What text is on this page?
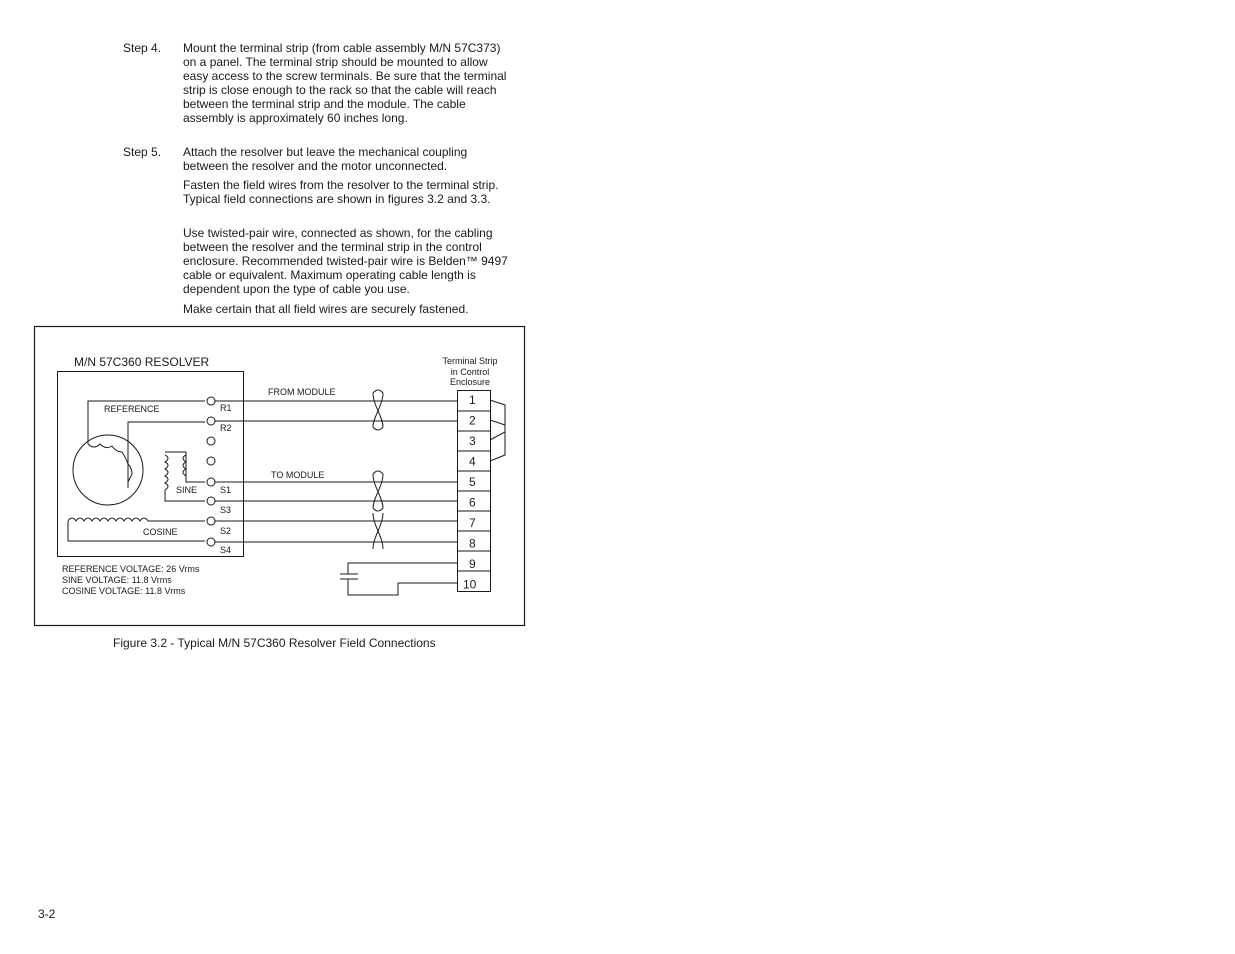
Step 4. Mount the terminal strip (from cable assembly M/N 57C373) on a panel. The terminal strip should be mounted to allow easy access to the screw terminals. Be sure that the terminal strip is close enough to the rack so that the cable will reach between the terminal strip and the module. The cable assembly is approximately 60 inches long.

Step 5. Attach the resolver but leave the mechanical coupling between the resolver and the motor unconnected.

Fasten the field wires from the resolver to the terminal strip. Typical field connections are shown in figures 3.2 and 3.3.

Use twisted-pair wire, connected as shown, for the cabling between the resolver and the terminal strip in the control enclosure. Recommended twisted-pair wire is Belden™ 9497 cable or equivalent. Maximum operating cable length is dependent upon the type of cable you use.

Make certain that all field wires are securely fastened.

M/N 57C360 RESOLVER	Terminal Strip
in Control
Enclosure
FROM MODULE
TO MODULE
REFERENCE
SINE
COSINE
R1
R2
S1
S3
S2
S4
1
2
3
4
5
6
7
8
9
10
REFERENCE VOLTAGE: 26 Vrms
SINE VOLTAGE: 11.8 Vrms
COSINE VOLTAGE: 11.8 Vrms
Figure 3.2 - Typical M/N 57C360 Resolver Field Connections
3-2
